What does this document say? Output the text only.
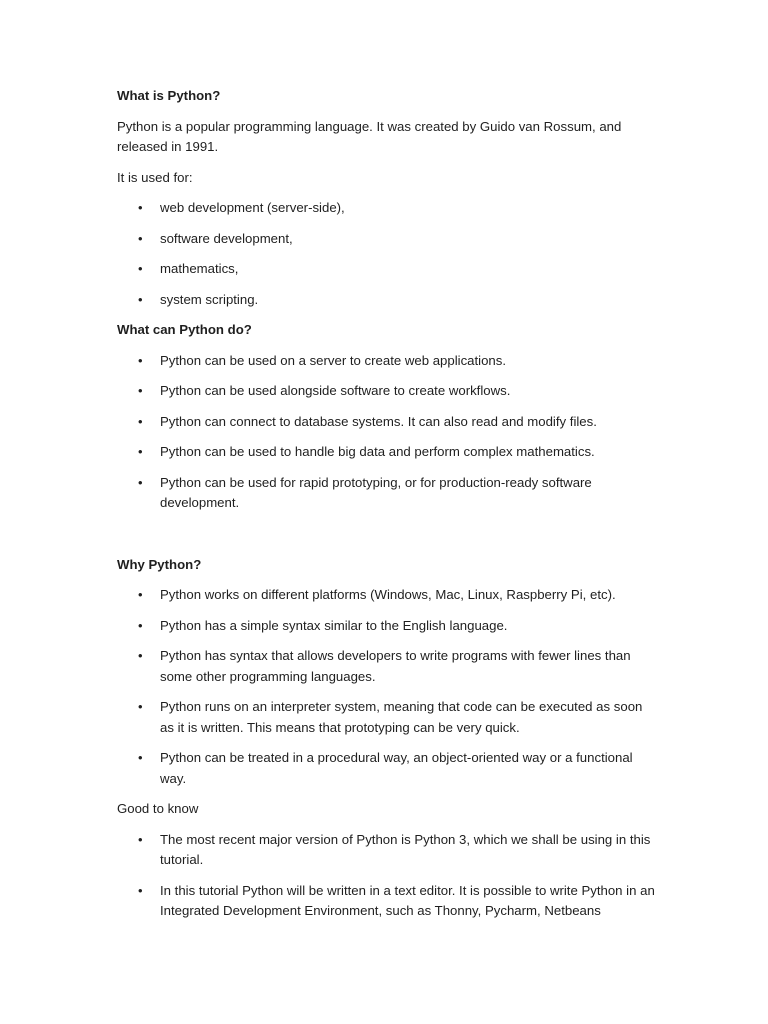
What is Python?
Python is a popular programming language. It was created by Guido van Rossum, and released in 1991.
It is used for:
• web development (server-side),
• software development,
• mathematics,
• system scripting.
What can Python do?
• Python can be used on a server to create web applications.
• Python can be used alongside software to create workflows.
• Python can connect to database systems. It can also read and modify files.
• Python can be used to handle big data and perform complex mathematics.
• Python can be used for rapid prototyping, or for production-ready software development.
Why Python?
• Python works on different platforms (Windows, Mac, Linux, Raspberry Pi, etc).
• Python has a simple syntax similar to the English language.
• Python has syntax that allows developers to write programs with fewer lines than some other programming languages.
• Python runs on an interpreter system, meaning that code can be executed as soon as it is written. This means that prototyping can be very quick.
• Python can be treated in a procedural way, an object-oriented way or a functional way.
Good to know
• The most recent major version of Python is Python 3, which we shall be using in this tutorial.
• In this tutorial Python will be written in a text editor. It is possible to write Python in an Integrated Development Environment, such as Thonny, Pycharm, Netbeans
